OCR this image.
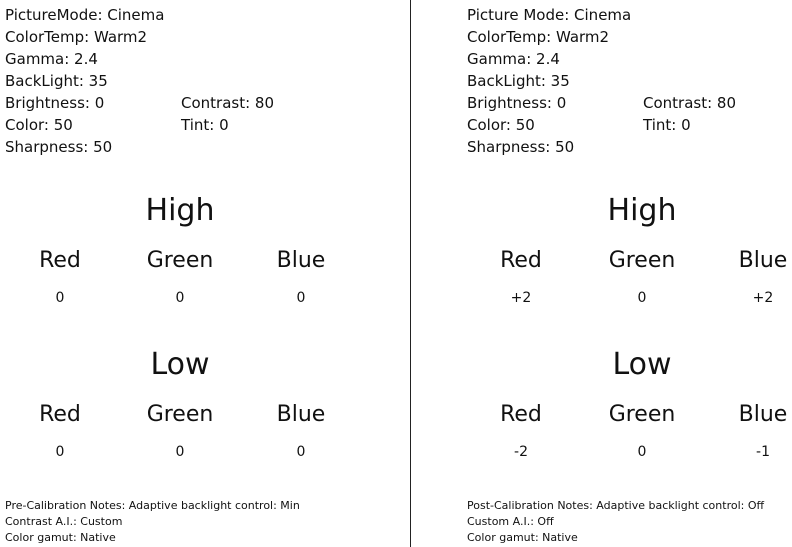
PictureMode: Cinema
ColorTemp: Warm2
Gamma: 2.4
BackLight: 35
Brightness: 0	Contrast: 80
Color: 50	Tint: 0
Sharpness: 50
High
Red	Green	Blue
0	0	0
Low
Red	Green	Blue
0	0	0
Pre-Calibration Notes: Adaptive backlight control: Min
Contrast A.I.: Custom
Color gamut: Native
Picture Mode: Cinema
ColorTemp: Warm2
Gamma: 2.4
BackLight: 35
Brightness: 0	Contrast: 80
Color: 50	Tint: 0
Sharpness: 50
High
Red	Green	Blue
+2	0	+2
Low
Red	Green	Blue
-2	0	-1
Post-Calibration Notes: Adaptive backlight control: Off
Custom A.I.: Off
Color gamut: Native
